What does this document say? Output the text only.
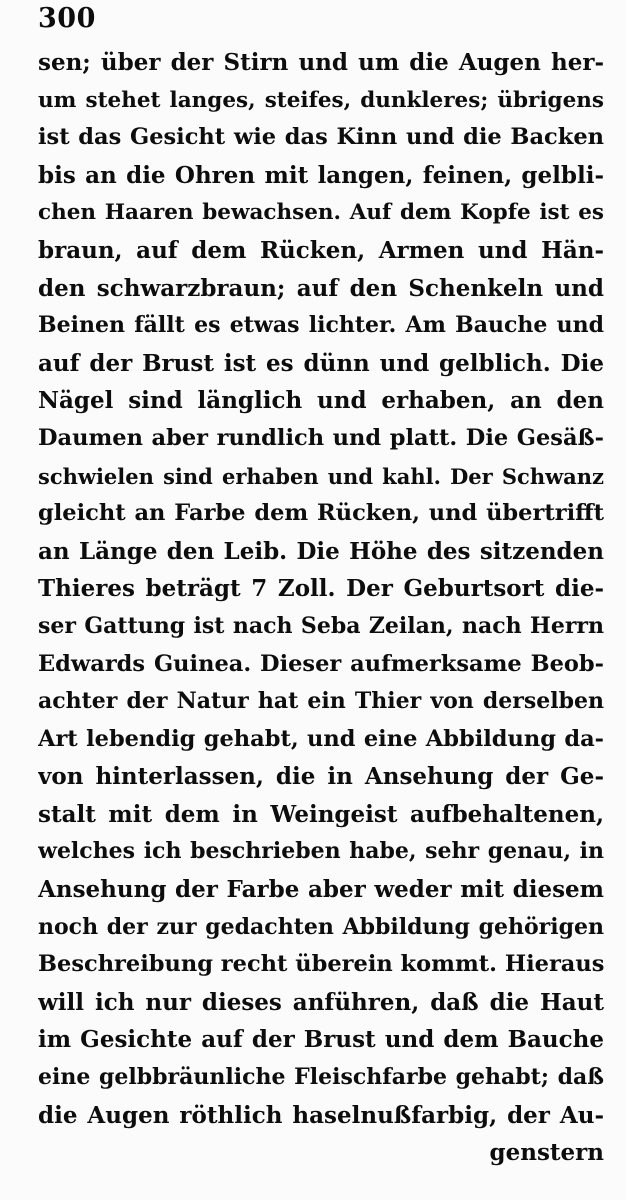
300
sen; über der Stirn und um die Augen her-
um stehet langes, steifes, dunkleres; übrigens
ist das Gesicht wie das Kinn und die Backen
bis an die Ohren mit langen, feinen, gelbli-
chen Haaren bewachsen. Auf dem Kopfe ist es
braun, auf dem Rücken, Armen und Hän-
den schwarzbraun; auf den Schenkeln und
Beinen fällt es etwas lichter. Am Bauche und
auf der Brust ist es dünn und gelblich. Die
Nägel sind länglich und erhaben, an den
Daumen aber rundlich und platt. Die Gesäß-
schwielen sind erhaben und kahl. Der Schwanz
gleicht an Farbe dem Rücken, und übertrifft
an Länge den Leib. Die Höhe des sitzenden
Thieres beträgt 7 Zoll. Der Geburtsort die-
ser Gattung ist nach Seba Zeilan, nach Herrn
Edwards Guinea. Dieser aufmerksame Beob-
achter der Natur hat ein Thier von derselben
Art lebendig gehabt, und eine Abbildung da-
von hinterlassen, die in Ansehung der Ge-
stalt mit dem in Weingeist aufbehaltenen,
welches ich beschrieben habe, sehr genau, in
Ansehung der Farbe aber weder mit diesem
noch der zur gedachten Abbildung gehörigen
Beschreibung recht überein kommt. Hieraus
will ich nur dieses anführen, daß die Haut
im Gesichte auf der Brust und dem Bauche
eine gelbbräunliche Fleischfarbe gehabt; daß
die Augen röthlich haselnußfarbig, der Au-
genstern
